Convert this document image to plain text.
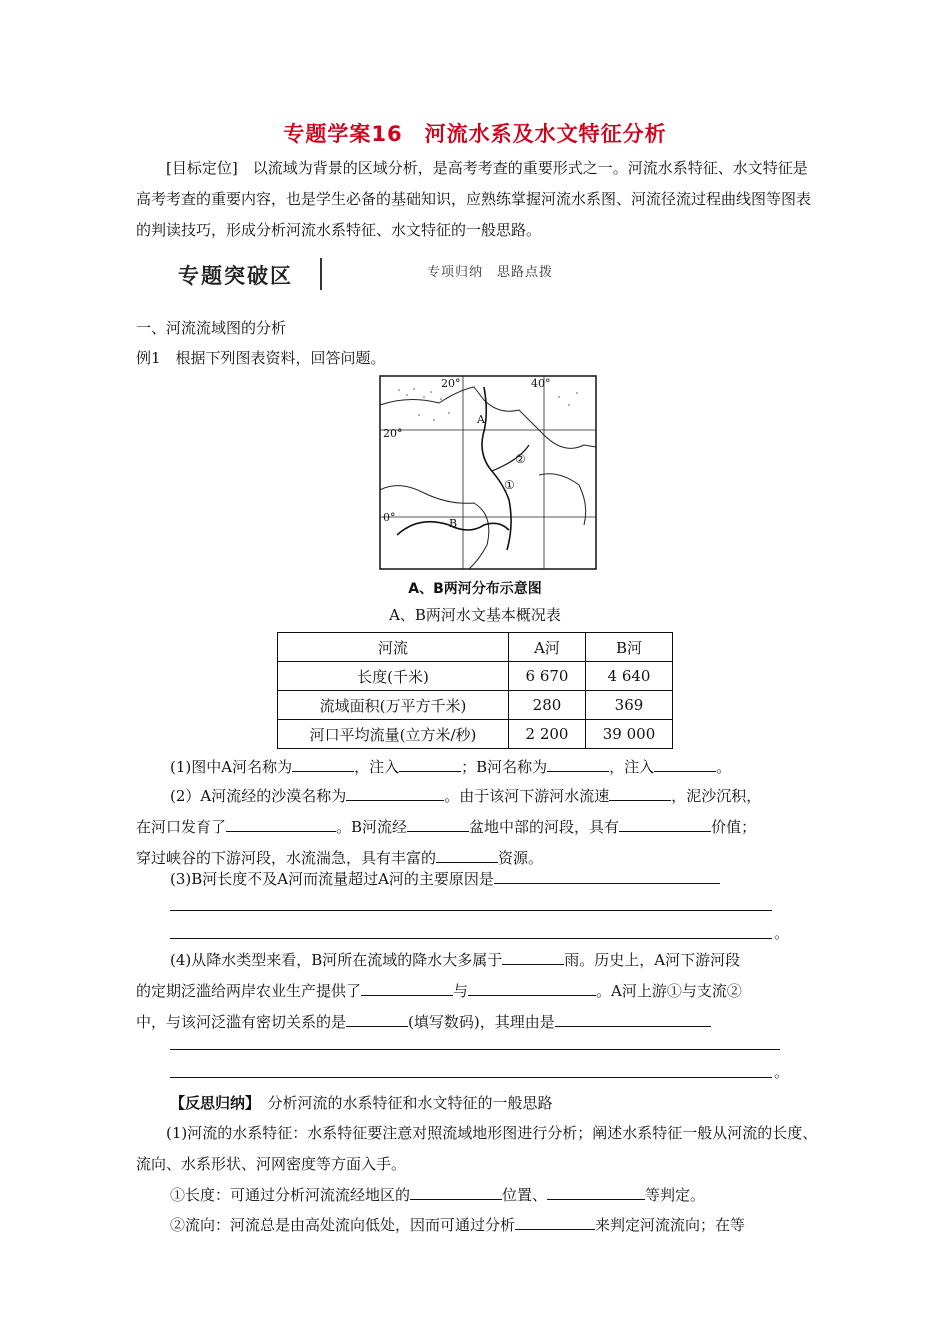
专题学案16　河流水系及水文特征分析
[目标定位]　以流域为背景的区域分析，是高考考查的重要形式之一。河流水系特征、水文特征是高考考查的重要内容，也是学生必备的基础知识，应熟练掌握河流水系图、河流径流过程曲线图等图表的判读技巧，形成分析河流水系特征、水文特征的一般思路。
专题突破区	专项归纳　思路点拨
一、河流流域图的分析
例1　根据下列图表资料，回答问题。
20°	40°
20°
0°
A
B
①
②
A、B两河分布示意图
A、B两河水文基本概况表
河流	A河	B河
长度(千米)	6 670	4 640
流域面积(万平方千米)	280	369
河口平均流量(立方米/秒)	2 200	39 000
(1)图中A河名称为	，注入	；B河名称为	，注入	。
(2）A河流经的沙漠名称为	。由于该河下游河水流速	，泥沙沉积，
在河口发育了	。B河流经	盆地中部的河段，具有	价值；
穿过峡谷的下游河段，水流湍急，具有丰富的	资源。
(3)B河长度不及A河而流量超过A河的主要原因是
。
(4)从降水类型来看，B河所在流域的降水大多属于	雨。历史上，A河下游河段
的定期泛滥给两岸农业生产提供了	与	。A河上游①与支流②
中，与该河泛滥有密切关系的是	(填写数码)，其理由是
。
【反思归纳】　分析河流的水系特征和水文特征的一般思路
(1)河流的水系特征：水系特征要注意对照流域地形图进行分析；阐述水系特征一般从河流的长度、流向、水系形状、河网密度等方面入手。
①长度：可通过分析河流流经地区的	位置、	等判定。
②流向：河流总是由高处流向低处，因而可通过分析	来判定河流流向；在等
